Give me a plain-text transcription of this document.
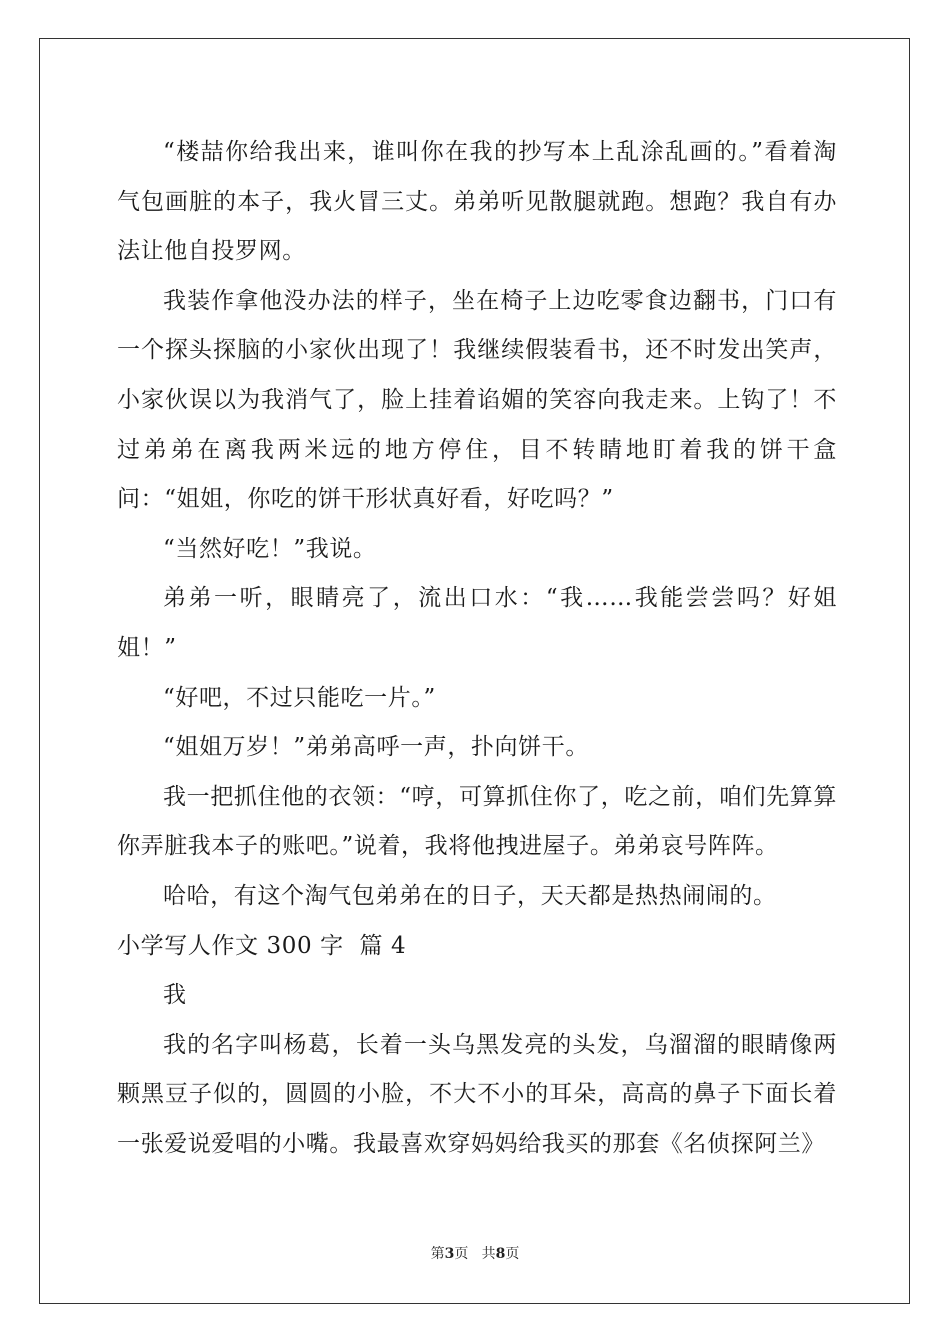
“楼喆你给我出来，谁叫你在我的抄写本上乱涂乱画的。”看着淘气包画脏的本子，我火冒三丈。弟弟听见散腿就跑。想跑？我自有办法让他自投罗网。

我装作拿他没办法的样子，坐在椅子上边吃零食边翻书，门口有一个探头探脑的小家伙出现了！我继续假装看书，还不时发出笑声，小家伙误以为我消气了，脸上挂着谄媚的笑容向我走来。上钩了！不过弟弟在离我两米远的地方停住，目不转睛地盯着我的饼干盒问：“姐姐，你吃的饼干形状真好看，好吃吗？”

“当然好吃！”我说。

弟弟一听，眼睛亮了，流出口水：“我……我能尝尝吗？好姐姐！”

“好吧，不过只能吃一片。”

“姐姐万岁！”弟弟高呼一声，扑向饼干。

我一把抓住他的衣领：“哼，可算抓住你了，吃之前，咱们先算算你弄脏我本子的账吧。”说着，我将他拽进屋子。弟弟哀号阵阵。

哈哈，有这个淘气包弟弟在的日子，天天都是热热闹闹的。

小学写人作文 300 字  篇 4

我

我的名字叫杨葛，长着一头乌黑发亮的头发，乌溜溜的眼睛像两颗黑豆子似的，圆圆的小脸，不大不小的耳朵，高高的鼻子下面长着一张爱说爱唱的小嘴。我最喜欢穿妈妈给我买的那套《名侦探阿兰》

第3页   共8页
